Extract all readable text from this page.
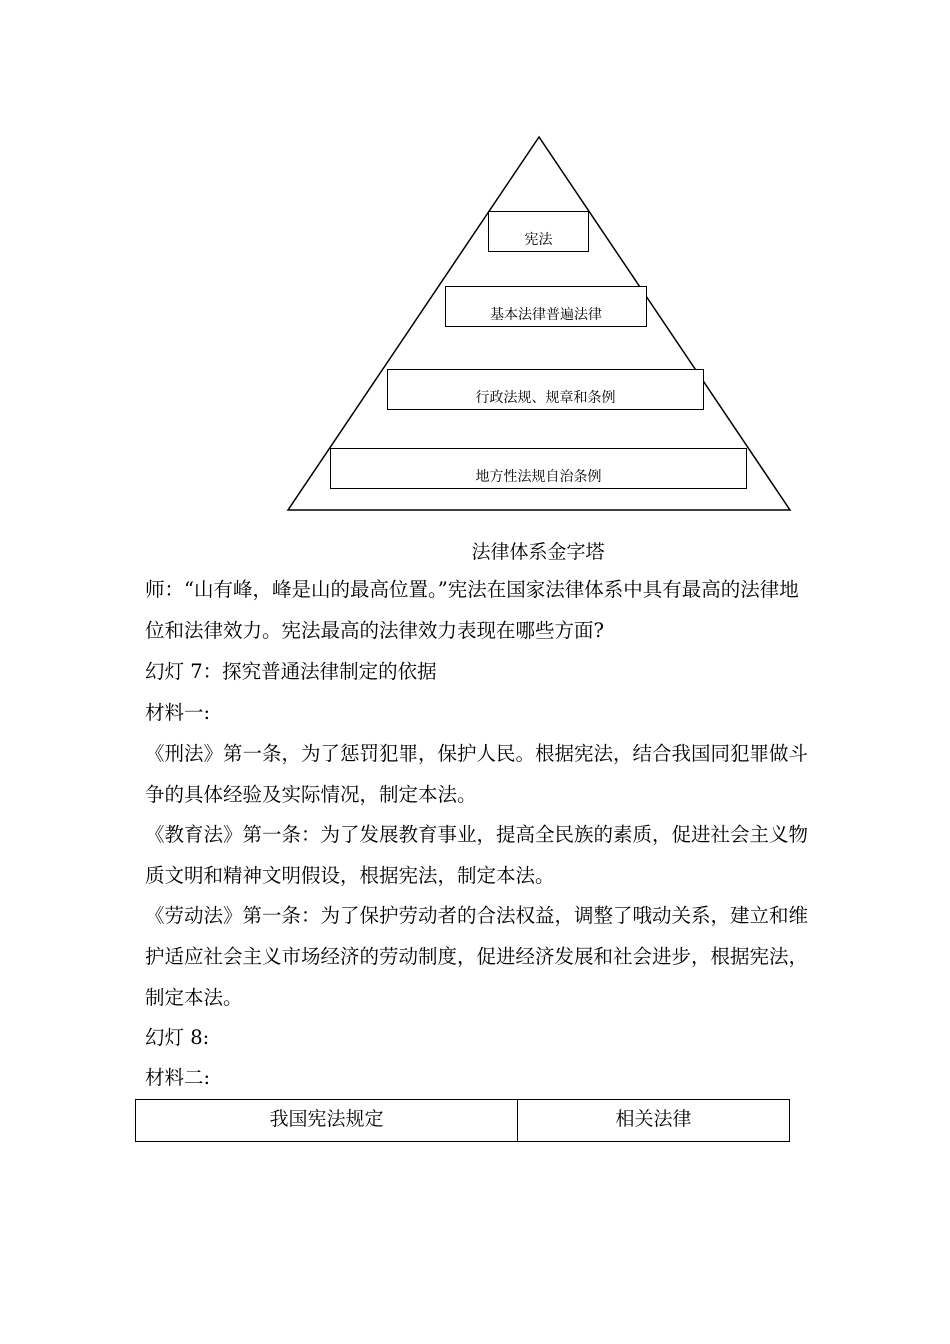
宪法
基本法律普遍法律
行政法规、规章和条例
地方性法规自治条例
法律体系金字塔

师：“山有峰，峰是山的最高位置。”宪法在国家法律体系中具有最高的法律地位和法律效力。宪法最高的法律效力表现在哪些方面?

幻灯 7：探究普通法律制定的依据

材料一:

《刑法》第一条，为了惩罚犯罪，保护人民。根据宪法，结合我国同犯罪做斗争的具体经验及实际情况，制定本法。

《教育法》第一条：为了发展教育事业，提高全民族的素质，促进社会主义物质文明和精神文明假设，根据宪法，制定本法。

《劳动法》第一条：为了保护劳动者的合法权益，调整了哦动关系，建立和维护适应社会主义市场经济的劳动制度，促进经济发展和社会进步，根据宪法，制定本法。

幻灯 8:

材料二:

我国宪法规定	相关法律
